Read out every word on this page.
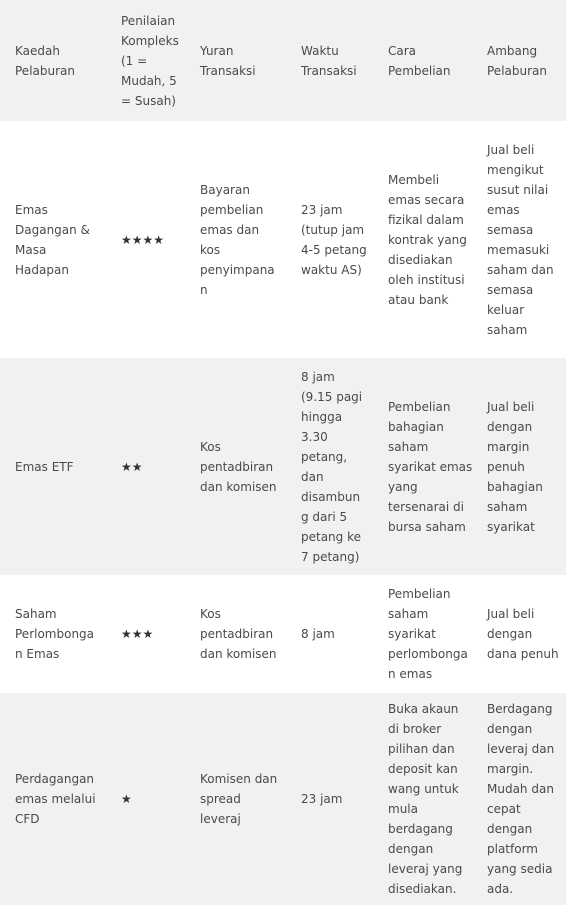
Kaedah Pelaburan	Penilaian Kompleks (1 = Mudah, 5 = Susah)	Yuran Transaksi	Waktu Transaksi	Cara Pembelian	Ambang Pelaburan
Emas Dagangan & Masa Hadapan	★★★★	Bayaran pembelian emas dan kos penyimpanan	23 jam (tutup jam 4-5 petang waktu AS)	Membeli emas secara fizikal dalam kontrak yang disediakan oleh institusi atau bank	Jual beli mengikut susut nilai emas semasa memasuki saham dan semasa keluar saham
Emas ETF	★★	Kos pentadbiran dan komisen	8 jam (9.15 pagi hingga 3.30 petang, dan disambung dari 5 petang ke 7 petang)	Pembelian bahagian saham syarikat emas yang tersenarai di bursa saham	Jual beli dengan margin penuh bahagian saham syarikat
Saham Perlombongan Emas	★★★	Kos pentadbiran dan komisen	8 jam	Pembelian saham syarikat perlombongan emas	Jual beli dengan dana penuh
Perdagangan emas melalui CFD	★	Komisen dan spread leveraj	23 jam	Buka akaun di broker pilihan dan deposit kan wang untuk mula berdagang dengan leveraj yang disediakan.	Berdagang dengan leveraj dan margin. Mudah dan cepat dengan platform yang sedia ada.
